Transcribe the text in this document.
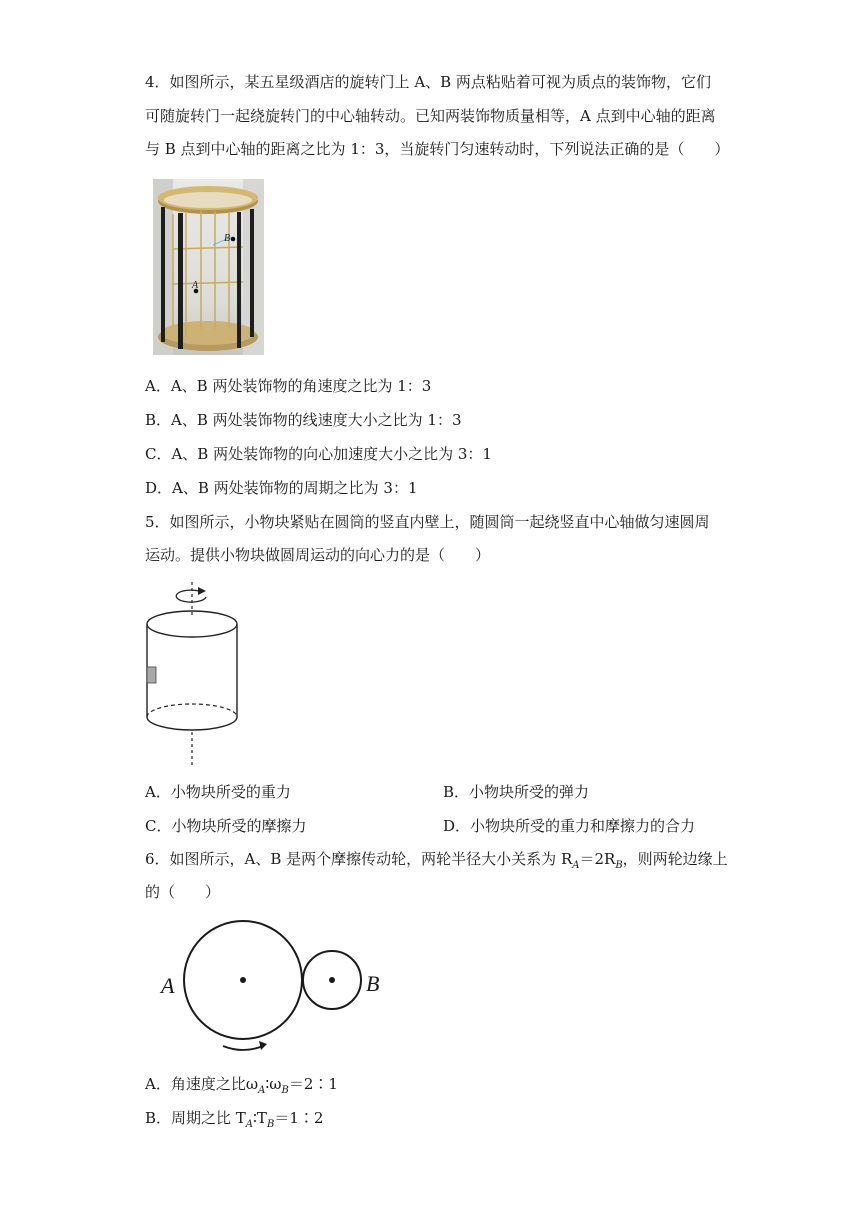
4．如图所示，某五星级酒店的旋转门上 A、B 两点粘贴着可视为质点的装饰物，它们
可随旋转门一起绕旋转门的中心轴转动。已知两装饰物质量相等，A 点到中心轴的距离
与 B 点到中心轴的距离之比为 1：3，当旋转门匀速转动时，下列说法正确的是（　　）
B
A
A．A、B 两处装饰物的角速度之比为 1：3
B．A、B 两处装饰物的线速度大小之比为 1：3
C．A、B 两处装饰物的向心加速度大小之比为 3：1
D．A、B 两处装饰物的周期之比为 3：1
5．如图所示，小物块紧贴在圆筒的竖直内壁上，随圆筒一起绕竖直中心轴做匀速圆周
运动。提供小物块做圆周运动的向心力的是（　　）
A．小物块所受的重力	B．小物块所受的弹力
C．小物块所受的摩擦力	D．小物块所受的重力和摩擦力的合力
6．如图所示，A、B 是两个摩擦传动轮，两轮半径大小关系为 $R_A=2R_B$，则两轮边缘上
的（　　）
A	B
A．角速度之比$\omega_A∶\omega_B=2∶1$
B．周期之比 $T_A∶T_B=1∶2$
